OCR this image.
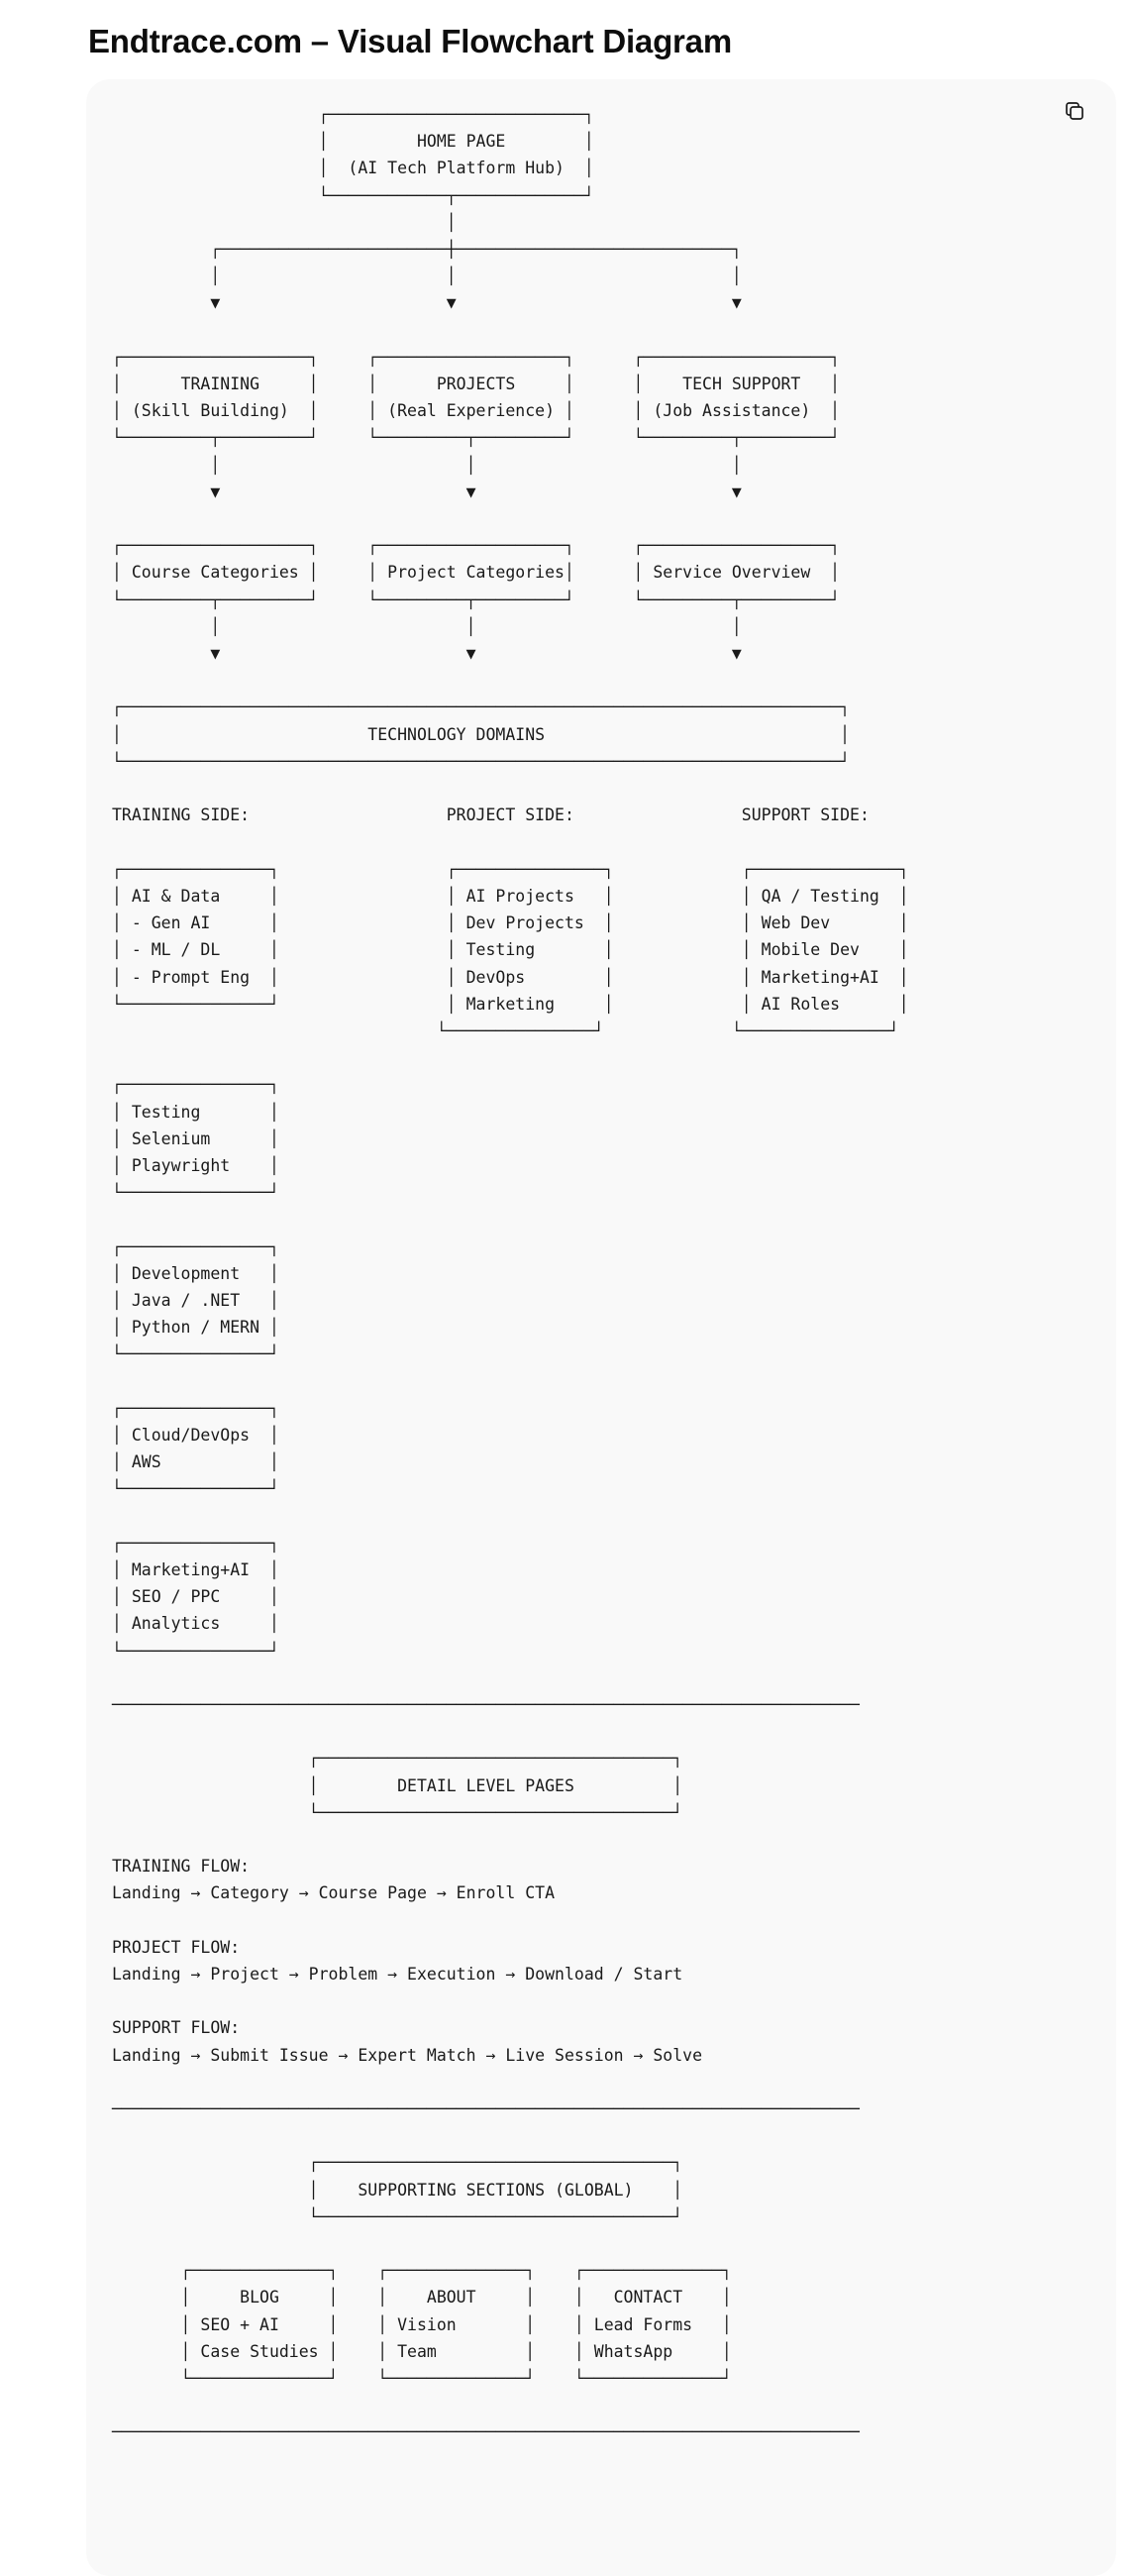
Endtrace.com – Visual Flowchart Diagram
┌──────────────────────────┐
│         HOME PAGE        │
│  (AI Tech Platform Hub)  │
└────────────┬─────────────┘
│
┌───────────────────────┼────────────────────────────┐
│                       │                            │
▼                       ▼                            ▼

┌───────────────────┐     ┌───────────────────┐      ┌───────────────────┐
│      TRAINING     │     │      PROJECTS     │      │    TECH SUPPORT   │
│ (Skill Building)  │     │ (Real Experience) │      │ (Job Assistance)  │
└─────────┬─────────┘     └─────────┬─────────┘      └─────────┬─────────┘
│                         │                          │
▼                         ▼                          ▼

┌───────────────────┐     ┌───────────────────┐      ┌───────────────────┐
│ Course Categories │     │ Project Categories│      │ Service Overview  │
└─────────┬─────────┘     └─────────┬─────────┘      └─────────┬─────────┘
│                         │                          │
▼                         ▼                          ▼

┌─────────────────────────────────────────────────────────────────────────┐
│                         TECHNOLOGY DOMAINS                              │
└─────────────────────────────────────────────────────────────────────────┘

TRAINING SIDE:                    PROJECT SIDE:                 SUPPORT SIDE:

┌───────────────┐                 ┌───────────────┐             ┌───────────────┐
│ AI & Data     │                 │ AI Projects   │             │ QA / Testing  │
│ - Gen AI      │                 │ Dev Projects  │             │ Web Dev       │
│ - ML / DL     │                 │ Testing       │             │ Mobile Dev    │
│ - Prompt Eng  │                 │ DevOps        │             │ Marketing+AI  │
└───────────────┘                 │ Marketing     │             │ AI Roles      │
└───────────────┘             └───────────────┘

┌───────────────┐
│ Testing       │
│ Selenium      │
│ Playwright    │
└───────────────┘

┌───────────────┐
│ Development   │
│ Java / .NET   │
│ Python / MERN │
└───────────────┘

┌───────────────┐
│ Cloud/DevOps  │
│ AWS           │
└───────────────┘

┌───────────────┐
│ Marketing+AI  │
│ SEO / PPC     │
│ Analytics     │
└───────────────┘

────────────────────────────────────────────────────────────────────────────

┌────────────────────────────────────┐
│        DETAIL LEVEL PAGES          │
└────────────────────────────────────┘

TRAINING FLOW:
Landing → Category → Course Page → Enroll CTA

PROJECT FLOW:
Landing → Project → Problem → Execution → Download / Start

SUPPORT FLOW:
Landing → Submit Issue → Expert Match → Live Session → Solve

────────────────────────────────────────────────────────────────────────────

┌────────────────────────────────────┐
│    SUPPORTING SECTIONS (GLOBAL)    │
└────────────────────────────────────┘

┌──────────────┐    ┌──────────────┐    ┌──────────────┐
│     BLOG     │    │    ABOUT     │    │   CONTACT    │
│ SEO + AI     │    │ Vision       │    │ Lead Forms   │
│ Case Studies │    │ Team         │    │ WhatsApp     │
└──────────────┘    └──────────────┘    └──────────────┘

────────────────────────────────────────────────────────────────────────────
